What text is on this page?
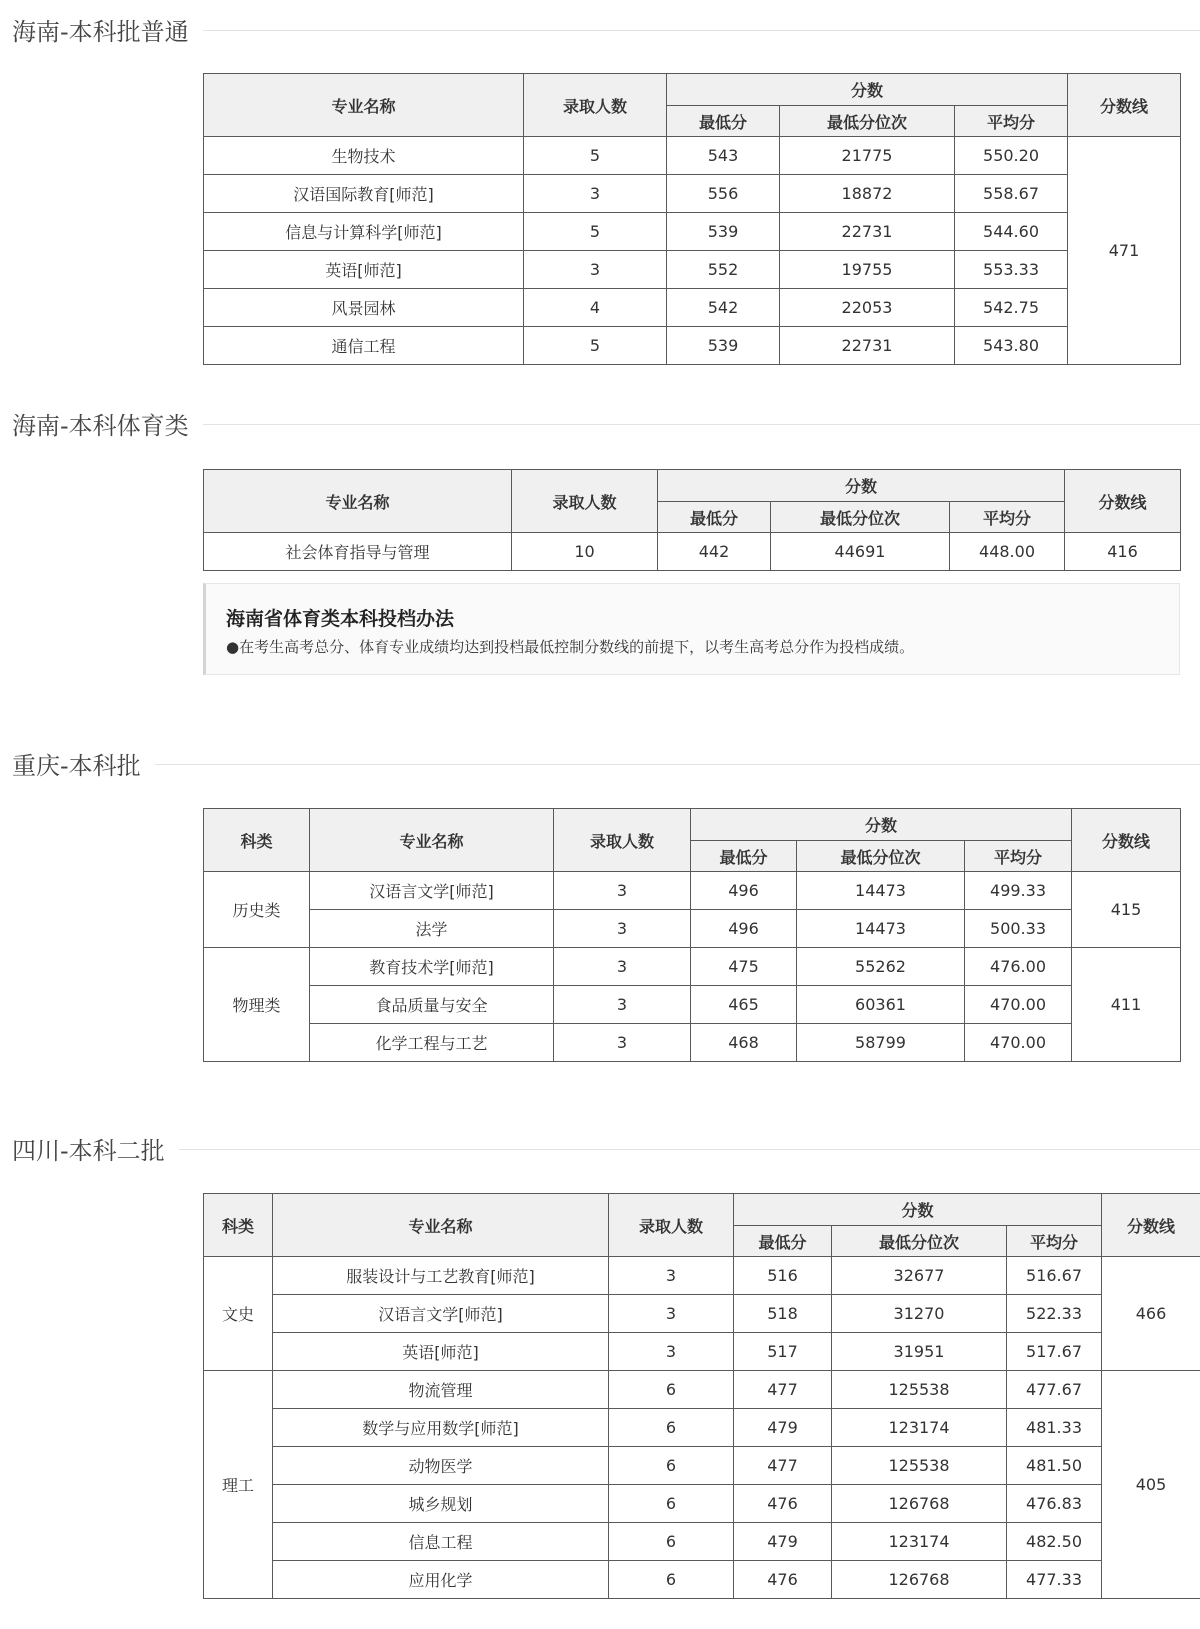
海南-本科批普通
专业名称	录取人数	分数			分数线
		最低分	最低分位次	平均分	
生物技术	5	543	21775	550.20	471
汉语国际教育[师范]	3	556	18872	558.67	
信息与计算科学[师范]	5	539	22731	544.60	
英语[师范]	3	552	19755	553.33	
风景园林	4	542	22053	542.75	
通信工程	5	539	22731	543.80	
海南-本科体育类
专业名称	录取人数	分数			分数线
		最低分	最低分位次	平均分	
社会体育指导与管理	10	442	44691	448.00	416
海南省体育类本科投档办法
●在考生高考总分、体育专业成绩均达到投档最低控制分数线的前提下，以考生高考总分作为投档成绩。
重庆-本科批
科类	专业名称	录取人数	分数			分数线
			最低分	最低分位次	平均分	
历史类	汉语言文学[师范]	3	496	14473	499.33	415
	法学	3	496	14473	500.33	
物理类	教育技术学[师范]	3	475	55262	476.00	411
	食品质量与安全	3	465	60361	470.00	
	化学工程与工艺	3	468	58799	470.00	
四川-本科二批
科类	专业名称	录取人数	分数			分数线
			最低分	最低分位次	平均分	
文史	服装设计与工艺教育[师范]	3	516	32677	516.67	466
	汉语言文学[师范]	3	518	31270	522.33	
	英语[师范]	3	517	31951	517.67	
理工	物流管理	6	477	125538	477.67	405
	数学与应用数学[师范]	6	479	123174	481.33	
	动物医学	6	477	125538	481.50	
	城乡规划	6	476	126768	476.83	
	信息工程	6	479	123174	482.50	
	应用化学	6	476	126768	477.33	
